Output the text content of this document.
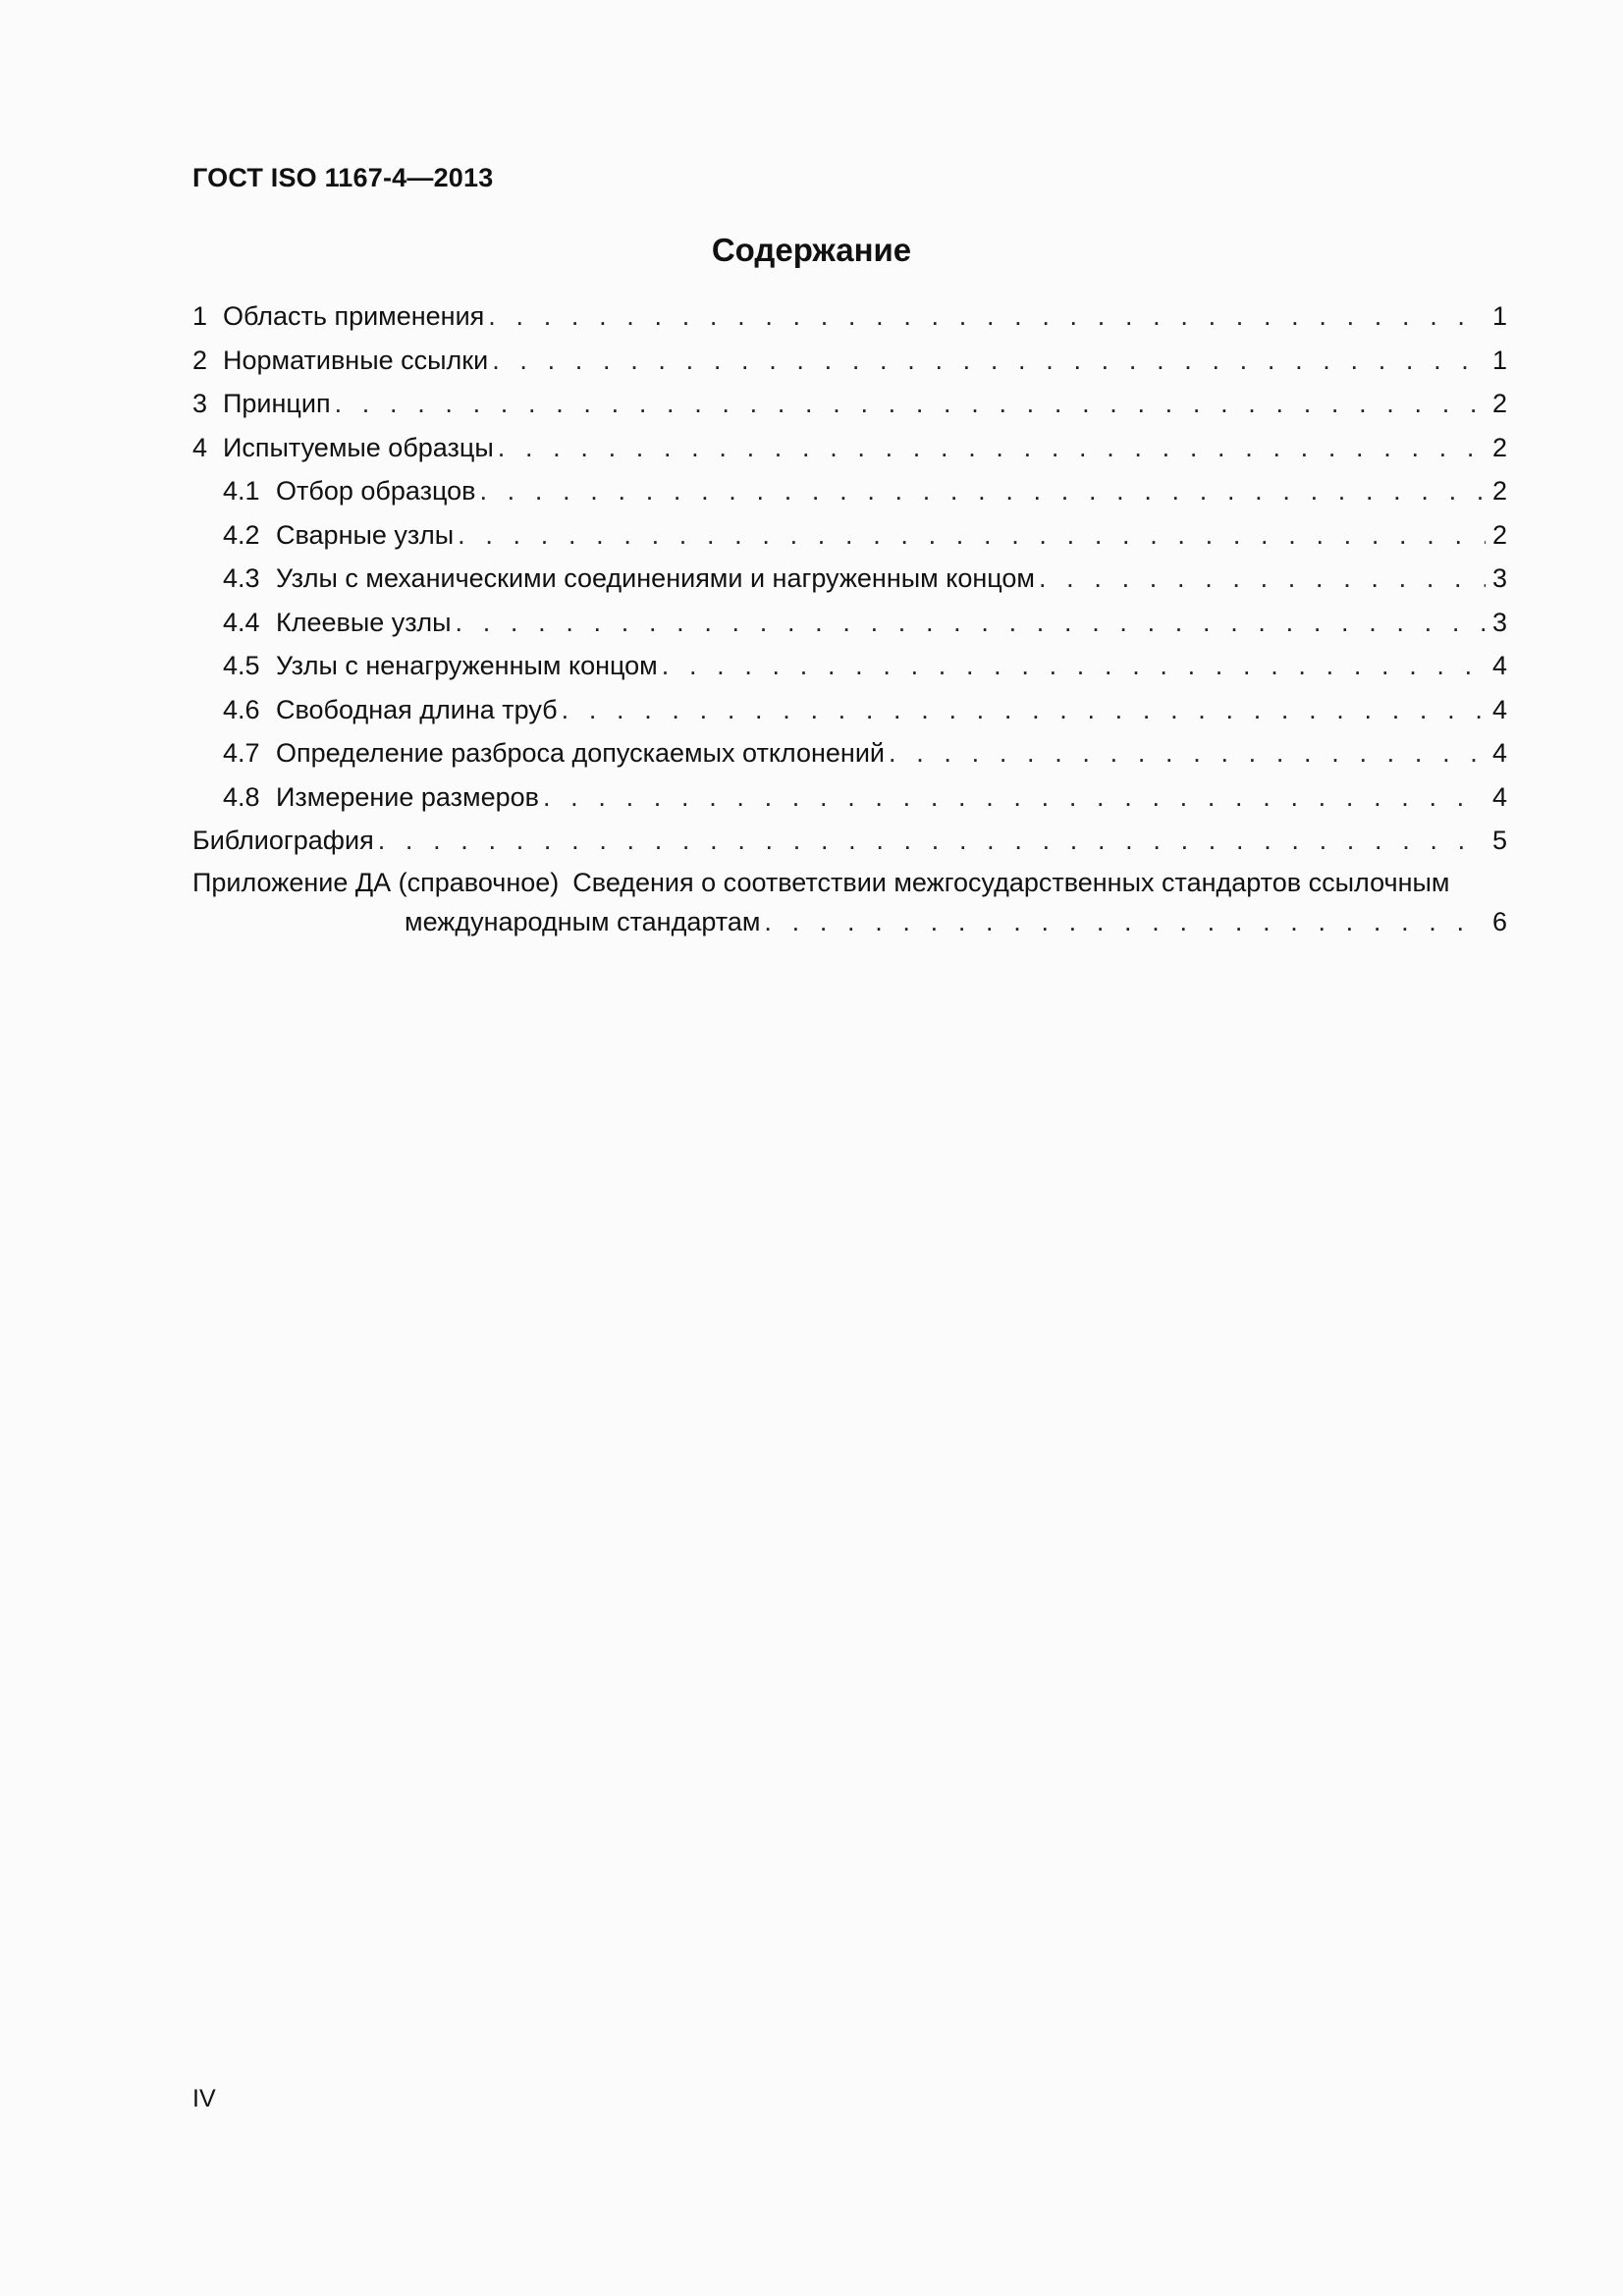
ГОСТ ISO 1167-4—2013
Содержание
1 Область применения . . .	1
2 Нормативные ссылки . . .	1
3 Принцип . . .	2
4 Испытуемые образцы . . .	2
4.1 Отбор образцов . . .	2
4.2 Сварные узлы . . .	2
4.3 Узлы с механическими соединениями и нагруженным концом . . .	3
4.4 Клеевые узлы . . .	3
4.5 Узлы с ненагруженным концом . . .	4
4.6 Свободная длина труб . . .	4
4.7 Определение разброса допускаемых отклонений . . .	4
4.8 Измерение размеров . . .	4
Библиография . . .	5
Приложение ДА (справочное) Сведения о соответствии межгосударственных стандартов ссылочным
международным стандартам . . .	6
IV
